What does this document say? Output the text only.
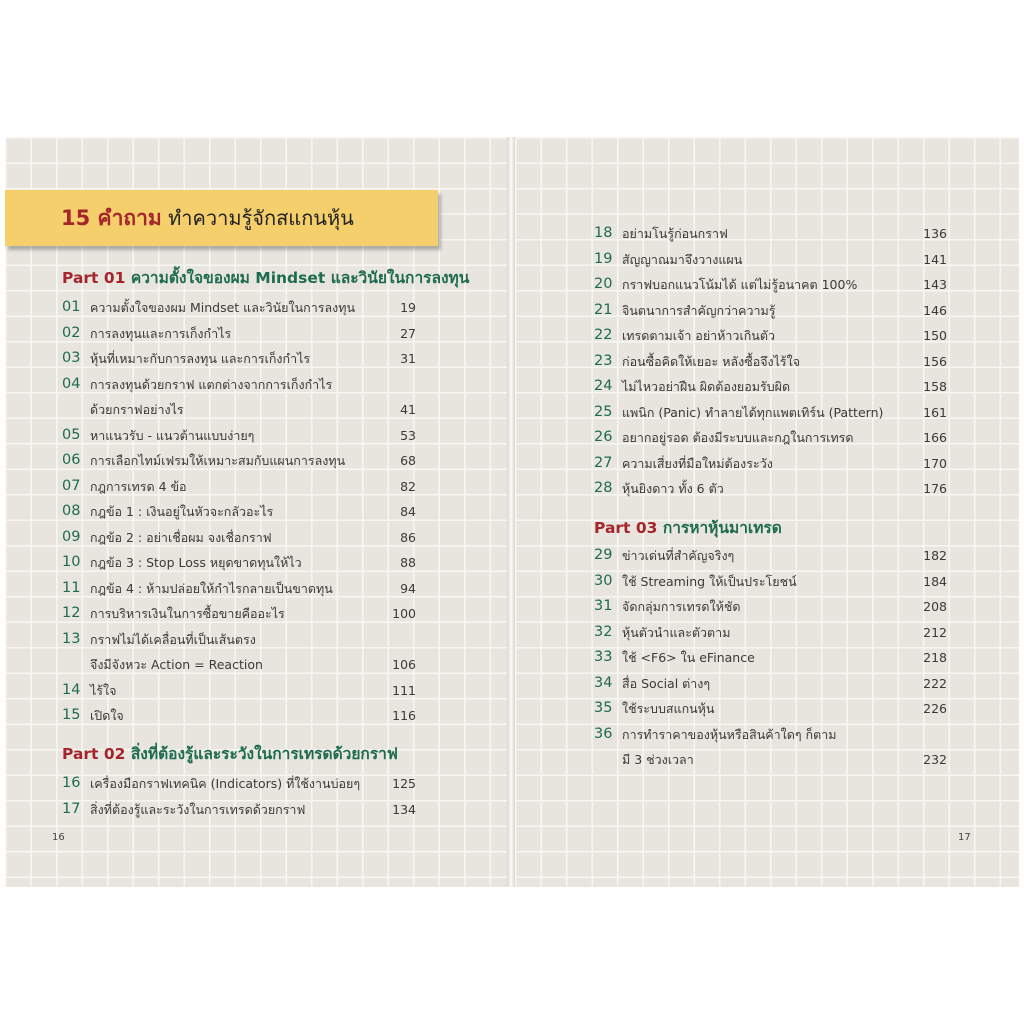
15 คำถาม ทำความรู้จักสแกนหุ้น
Part 01 ความตั้งใจของผม Mindset และวินัยในการลงทุน
01 ความตั้งใจของผม Mindset และวินัยในการลงทุน	19
02 การลงทุนและการเก็งกำไร	27
03 หุ้นที่เหมาะกับการลงทุน และการเก็งกำไร	31
04 การลงทุนด้วยกราฟ แตกต่างจากการเก็งกำไร
ด้วยกราฟอย่างไร	41
05 หาแนวรับ - แนวต้านแบบง่ายๆ	53
06 การเลือกไทม์เฟรมให้เหมาะสมกับแผนการลงทุน	68
07 กฎการเทรด 4 ข้อ	82
08 กฎข้อ 1 : เงินอยู่ในหัวจะกลัวอะไร	84
09 กฎข้อ 2 : อย่าเชื่อผม จงเชื่อกราฟ	86
10 กฎข้อ 3 : Stop Loss หยุดขาดทุนให้ไว	88
11 กฎข้อ 4 : ห้ามปล่อยให้กำไรกลายเป็นขาดทุน	94
12 การบริหารเงินในการซื้อขายคืออะไร	100
13 กราฟไม่ได้เคลื่อนที่เป็นเส้นตรง
จึงมีจังหวะ Action = Reaction	106
14 ไร้ใจ	111
15 เปิดใจ	116
Part 02 สิ่งที่ต้องรู้และระวังในการเทรดด้วยกราฟ
16 เครื่องมือกราฟเทคนิค (Indicators) ที่ใช้งานบ่อยๆ	125
17 สิ่งที่ต้องรู้และระวังในการเทรดด้วยกราฟ	134
16
18 อย่ามโนรู้ก่อนกราฟ	136
19 สัญญาณมาจึงวางแผน	141
20 กราฟบอกแนวโน้มได้ แต่ไม่รู้อนาคต 100%	143
21 จินตนาการสำคัญกว่าความรู้	146
22 เทรดตามเจ้า อย่าห้าวเกินตัว	150
23 ก่อนซื้อคิดให้เยอะ หลังซื้อจึงไร้ใจ	156
24 ไม่ไหวอย่าฝืน ผิดต้องยอมรับผิด	158
25 แพนิก (Panic) ทำลายได้ทุกแพตเทิร์น (Pattern)	161
26 อยากอยู่รอด ต้องมีระบบและกฎในการเทรด	166
27 ความเสี่ยงที่มือใหม่ต้องระวัง	170
28 หุ้นยิงดาว ทั้ง 6 ตัว	176
Part 03 การหาหุ้นมาเทรด
29 ข่าวเด่นที่สำคัญจริงๆ	182
30 ใช้ Streaming ให้เป็นประโยชน์	184
31 จัดกลุ่มการเทรดให้ชัด	208
32 หุ้นตัวนำและตัวตาม	212
33 ใช้ <F6> ใน eFinance	218
34 สื่อ Social ต่างๆ	222
35 ใช้ระบบสแกนหุ้น	226
36 การทำราคาของหุ้นหรือสินค้าใดๆ ก็ตาม
มี 3 ช่วงเวลา	232
17
